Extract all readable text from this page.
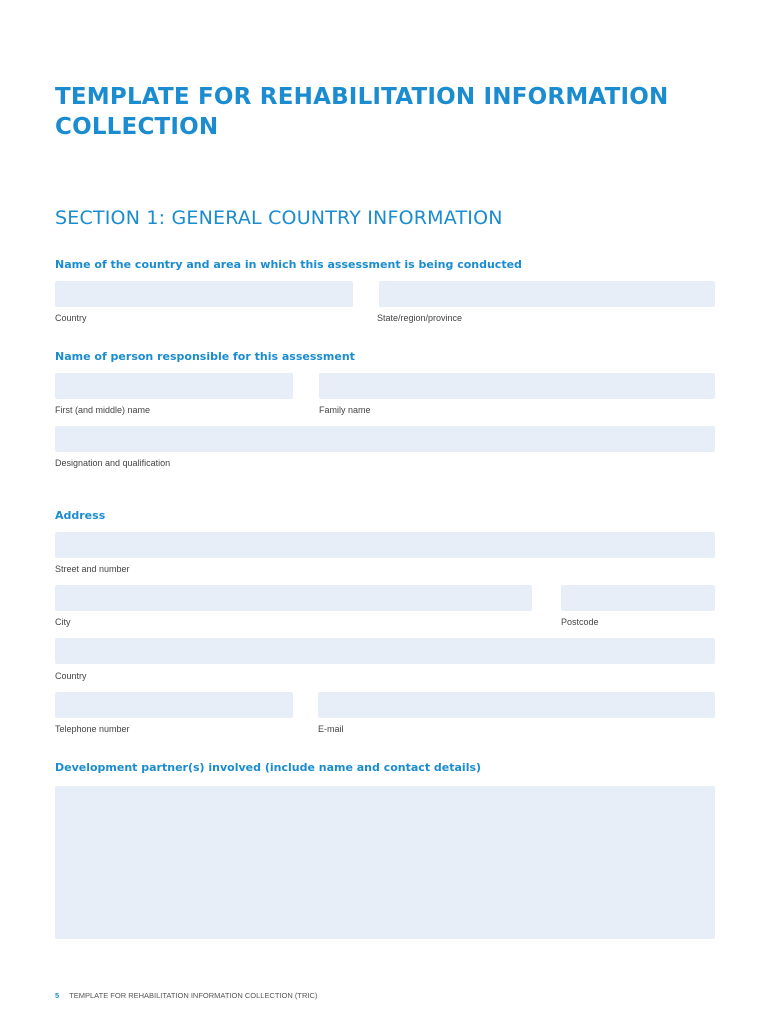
TEMPLATE FOR REHABILITATION INFORMATION
COLLECTION
SECTION 1: GENERAL COUNTRY INFORMATION
Name of the country and area in which this assessment is being conducted
Country	State/region/province
Name of person responsible for this assessment
First (and middle) name	Family name
Designation and qualification
Address
Street and number
City	Postcode
Country
Telephone number	E-mail
Development partner(s) involved (include name and contact details)
5 TEMPLATE FOR REHABILITATION INFORMATION COLLECTION (TRIC)
